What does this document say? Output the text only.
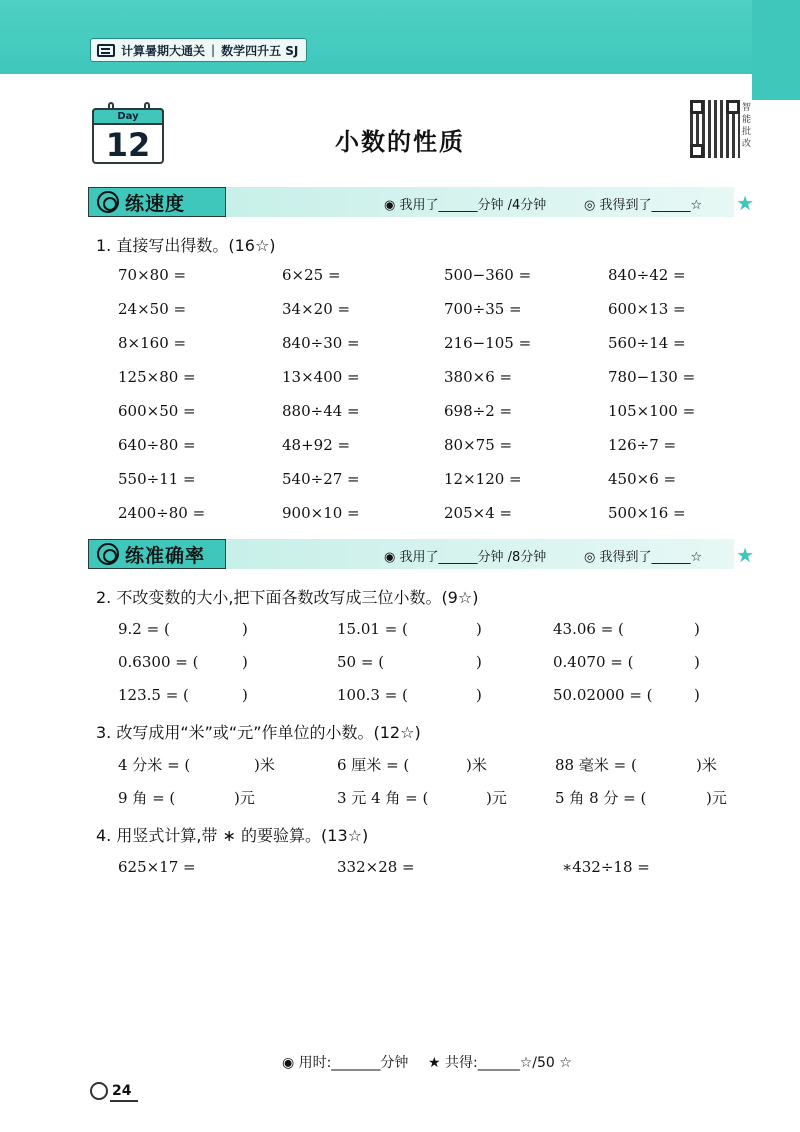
计算暑期大通关 | 数学四升五 SJ
Day
12	小数的性质
智
能
批
改
练速度	◉ 我用了______分钟 /4分钟	◎ 我得到了______☆ ★
1. 直接写出得数。(16☆)
70×80 =	6×25 =	500−360 =	840÷42 =
24×50 =	34×20 =	700÷35 =	600×13 =
8×160 =	840÷30 =	216−105 =	560÷14 =
125×80 =	13×400 =	380×6 =	780−130 =
600×50 =	880÷44 =	698÷2 =	105×100 =
640÷80 =	48+92 =	80×75 =	126÷7 =
550÷11 =	540÷27 =	12×120 =	450×6 =
2400÷80 =	900×10 =	205×4 =	500×16 =
练准确率	◉ 我用了______分钟 /8分钟	◎ 我得到了______☆ ★
2. 不改变数的大小,把下面各数改写成三位小数。(9☆)
9.2 = (	)	15.01 = (	)	43.06 = (	)
0.6300 = (	)	50 = (	)	0.4070 = (	)
123.5 = (	)	100.3 = (	)	50.02000 = (	)
3. 改写成用“米”或“元”作单位的小数。(12☆)
4 分米 = (	)米	6 厘米 = (	)米	88 毫米 = (	)米
9 角 = (	)元	3 元 4 角 = (	)元	5 角 8 分 = (	)元
4. 用竖式计算,带 ∗ 的要验算。(13☆)
625×17 =	332×28 =	∗432÷18 =
◉ 用时:_______分钟 ★ 共得:______☆/50 ☆
24
